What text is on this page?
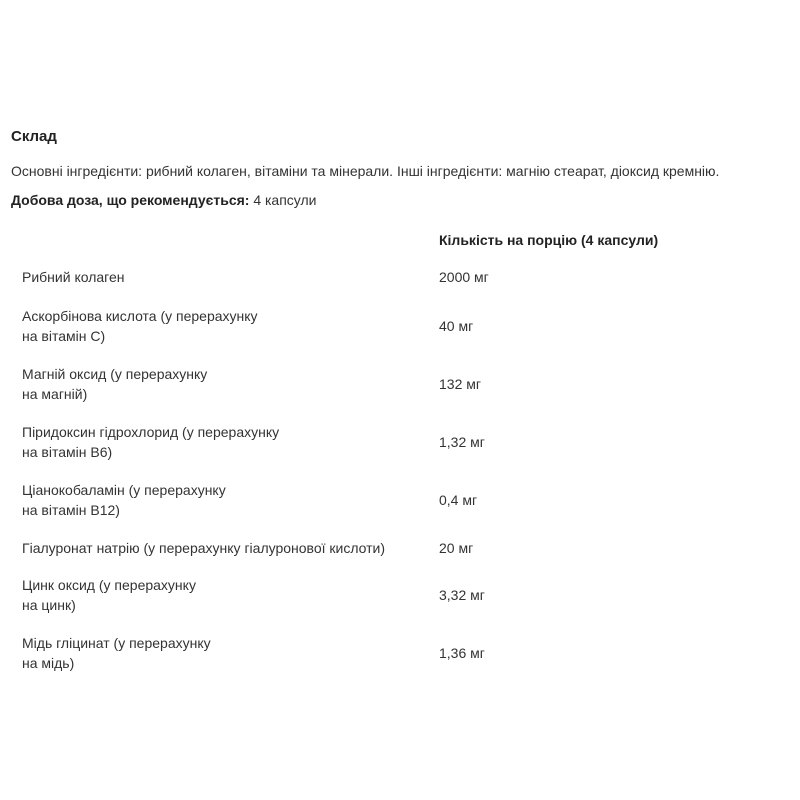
Склад
Основні інгредієнти: рибний колаген, вітаміни та мінерали. Інші інгредієнти: магнію стеарат, діоксид кремнію.
Добова доза, що рекомендується: 4 капсули
Кількість на порцію (4 капсули)
Рибний колаген	2000 мг
Аскорбінова кислота (у перерахунку
на вітамін С)
40 мг
Магній оксид (у перерахунку
на магній)
132 мг
Піридоксин гідрохлорид (у перерахунку
на вітамін В6)
1,32 мг
Ціанокобаламін (у перерахунку
на вітамін В12)
0,4 мг
Гіалуронат натрію (у перерахунку гіалуронової кислоти)	20 мг
Цинк оксид (у перерахунку
на цинк)
3,32 мг
Мідь гліцинат (у перерахунку
на мідь)
1,36 мг
